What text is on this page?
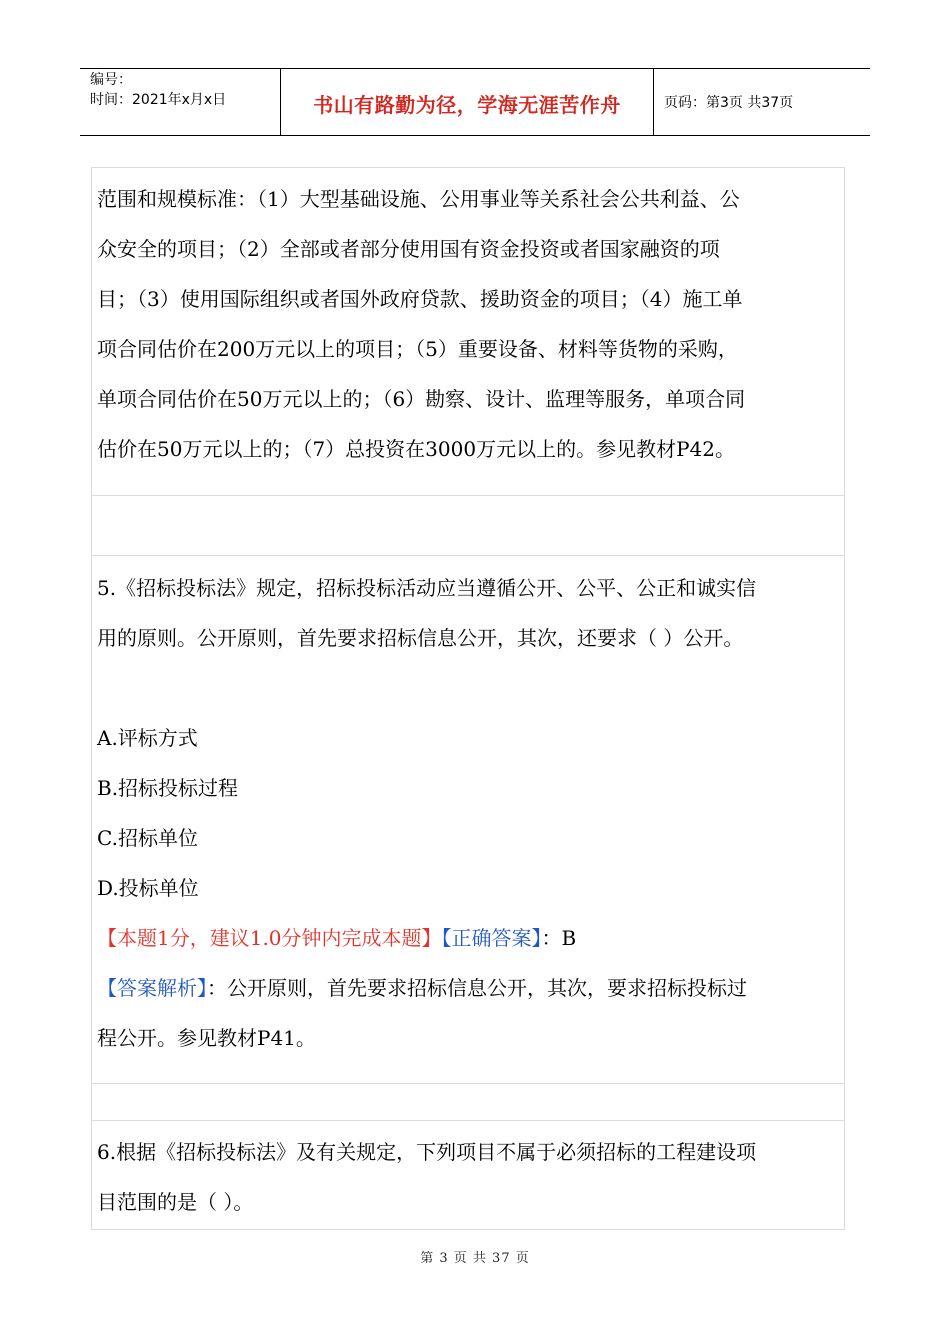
编号：
时间：2021年x月x日	书山有路勤为径，学海无涯苦作舟	页码：第3页 共37页

范围和规模标准：（1）大型基础设施、公用事业等关系社会公共利益、公

众安全的项目；（2）全部或者部分使用国有资金投资或者国家融资的项

目；（3）使用国际组织或者国外政府贷款、援助资金的项目；（4）施工单

项合同估价在200万元以上的项目；（5）重要设备、材料等货物的采购，

单项合同估价在50万元以上的；（6）勘察、设计、监理等服务，单项合同

估价在50万元以上的；（7）总投资在3000万元以上的。参见教材P42。

5.《招标投标法》规定，招标投标活动应当遵循公开、公平、公正和诚实信

用的原则。公开原则，首先要求招标信息公开，其次，还要求（ ）公开。

A.评标方式

B.招标投标过程

C.招标单位

D.投标单位

【本题1分，建议1.0分钟内完成本题】【正确答案】：B

【答案解析】：公开原则，首先要求招标信息公开，其次，要求招标投标过

程公开。参见教材P41。

6.根据《招标投标法》及有关规定，下列项目不属于必须招标的工程建设项

目范围的是（ ）。

第 3 页 共 37 页
